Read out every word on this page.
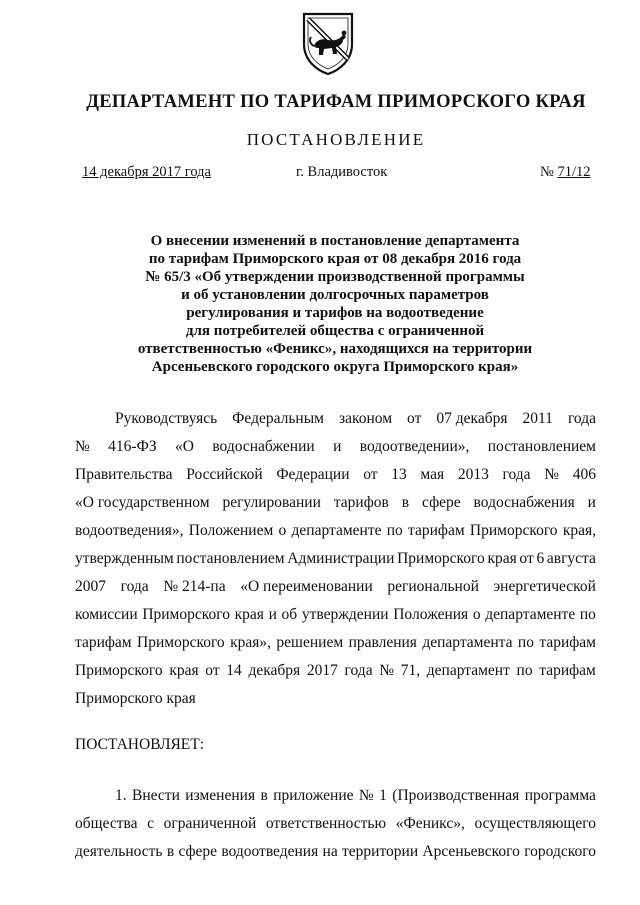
ДЕПАРТАМЕНТ ПО ТАРИФАМ ПРИМОРСКОГО КРАЯ
ПОСТАНОВЛЕНИЕ
14 декабря 2017 года	г. Владивосток	№ 71/12
О внесении изменений в постановление департамента
по тарифам Приморского края от 08 декабря 2016 года
№ 65/3 «Об утверждении производственной программы
и об установлении долгосрочных параметров
регулирования и тарифов на водоотведение
для потребителей общества с ограниченной
ответственностью «Феникс», находящихся на территории
Арсеньевского городского округа Приморского края»
Руководствуясь Федеральным законом от 07 декабря 2011 года
№ 416-ФЗ «О водоснабжении и водоотведении», постановлением
Правительства Российской Федерации от 13 мая 2013 года № 406
«О государственном регулировании тарифов в сфере водоснабжения и
водоотведения», Положением о департаменте по тарифам Приморского края,
утвержденным постановлением Администрации Приморского края от 6 августа
2007 года № 214-па «О переименовании региональной энергетической
комиссии Приморского края и об утверждении Положения о департаменте по
тарифам Приморского края», решением правления департамента по тарифам
Приморского края от 14 декабря 2017 года № 71, департамент по тарифам
Приморского края
ПОСТАНОВЛЯЕТ:
1. Внести изменения в приложение № 1 (Производственная программа
общества с ограниченной ответственностью «Феникс», осуществляющего
деятельность в сфере водоотведения на территории Арсеньевского городского
